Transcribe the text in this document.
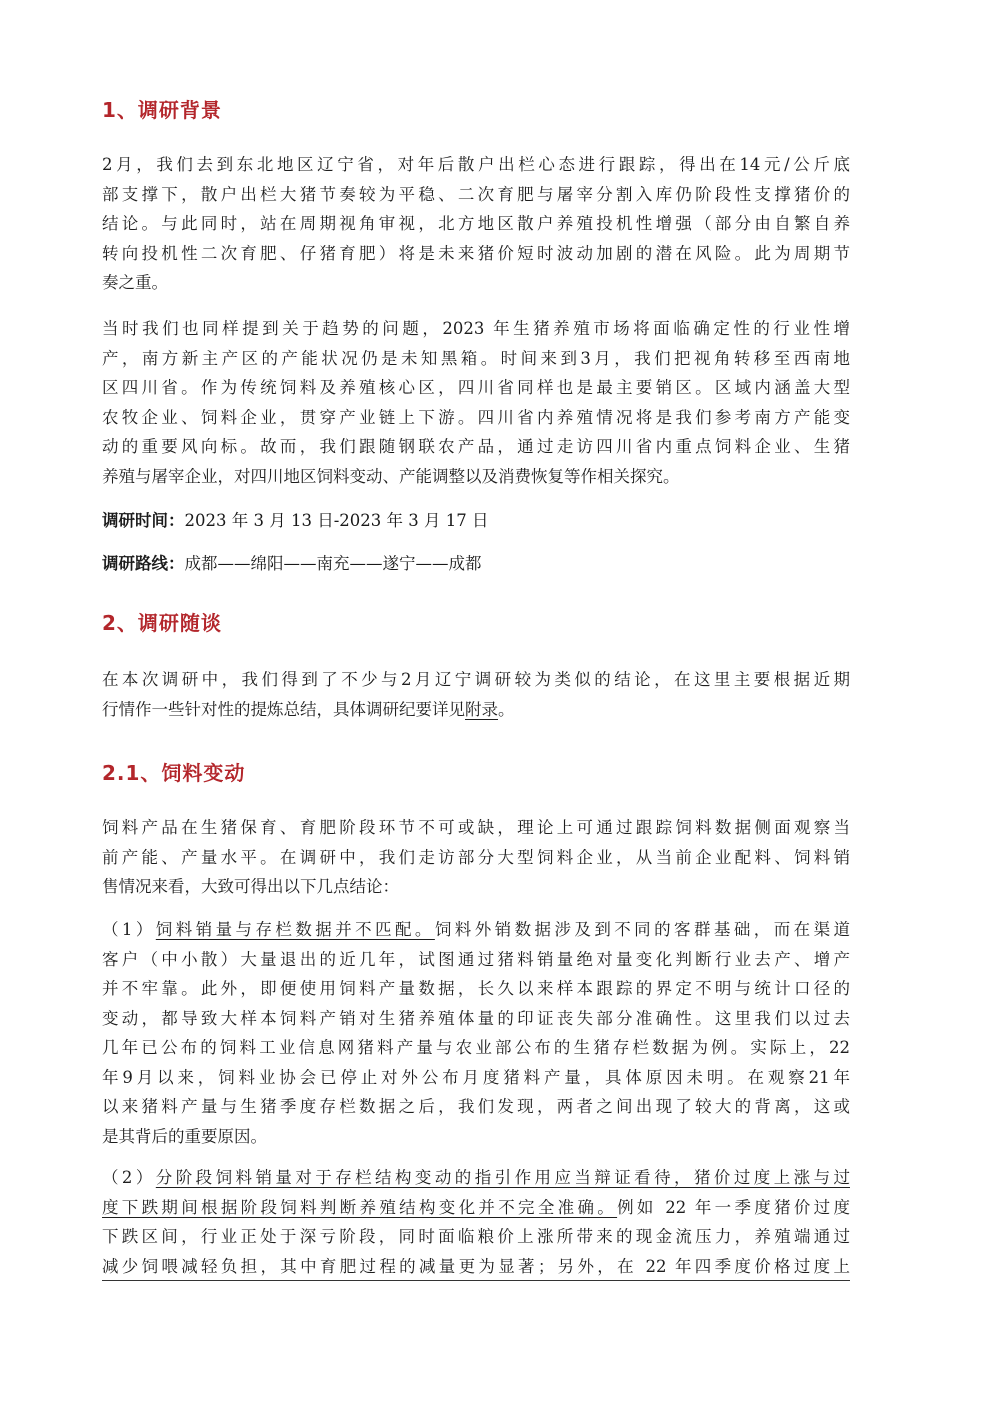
1、调研背景
2月，我们去到东北地区辽宁省，对年后散户出栏心态进行跟踪，得出在14元/公斤底
部支撑下，散户出栏大猪节奏较为平稳、二次育肥与屠宰分割入库仍阶段性支撑猪价的
结论。与此同时，站在周期视角审视，北方地区散户养殖投机性增强（部分由自繁自养
转向投机性二次育肥、仔猪育肥）将是未来猪价短时波动加剧的潜在风险。此为周期节
奏之重。
当时我们也同样提到关于趋势的问题，2023 年生猪养殖市场将面临确定性的行业性增
产，南方新主产区的产能状况仍是未知黑箱。时间来到3月，我们把视角转移至西南地
区四川省。作为传统饲料及养殖核心区，四川省同样也是最主要销区。区域内涵盖大型
农牧企业、饲料企业，贯穿产业链上下游。四川省内养殖情况将是我们参考南方产能变
动的重要风向标。故而，我们跟随钢联农产品，通过走访四川省内重点饲料企业、生猪
养殖与屠宰企业，对四川地区饲料变动、产能调整以及消费恢复等作相关探究。

调研时间：2023 年 3 月 13 日-2023 年 3 月 17 日

调研路线：成都——绵阳——南充——遂宁——成都

2、调研随谈
在本次调研中，我们得到了不少与2月辽宁调研较为类似的结论，在这里主要根据近期
行情作一些针对性的提炼总结，具体调研纪要详见附录。
2.1、饲料变动
饲料产品在生猪保育、育肥阶段环节不可或缺，理论上可通过跟踪饲料数据侧面观察当
前产能、产量水平。在调研中，我们走访部分大型饲料企业，从当前企业配料、饲料销
售情况来看，大致可得出以下几点结论：
（1）饲料销量与存栏数据并不匹配。饲料外销数据涉及到不同的客群基础，而在渠道
客户（中小散）大量退出的近几年，试图通过猪料销量绝对量变化判断行业去产、增产
并不牢靠。此外，即便使用饲料产量数据，长久以来样本跟踪的界定不明与统计口径的
变动，都导致大样本饲料产销对生猪养殖体量的印证丧失部分准确性。这里我们以过去
几年已公布的饲料工业信息网猪料产量与农业部公布的生猪存栏数据为例。实际上，22
年9月以来，饲料业协会已停止对外公布月度猪料产量，具体原因未明。在观察21年
以来猪料产量与生猪季度存栏数据之后，我们发现，两者之间出现了较大的背离，这或
是其背后的重要原因。
（2）分阶段饲料销量对于存栏结构变动的指引作用应当辩证看待，猪价过度上涨与过
度下跌期间根据阶段饲料判断养殖结构变化并不完全准确。例如 22 年一季度猪价过度
下跌区间，行业正处于深亏阶段，同时面临粮价上涨所带来的现金流压力，养殖端通过
减少饲喂减轻负担，其中育肥过程的减量更为显著；另外，在 22 年四季度价格过度上
